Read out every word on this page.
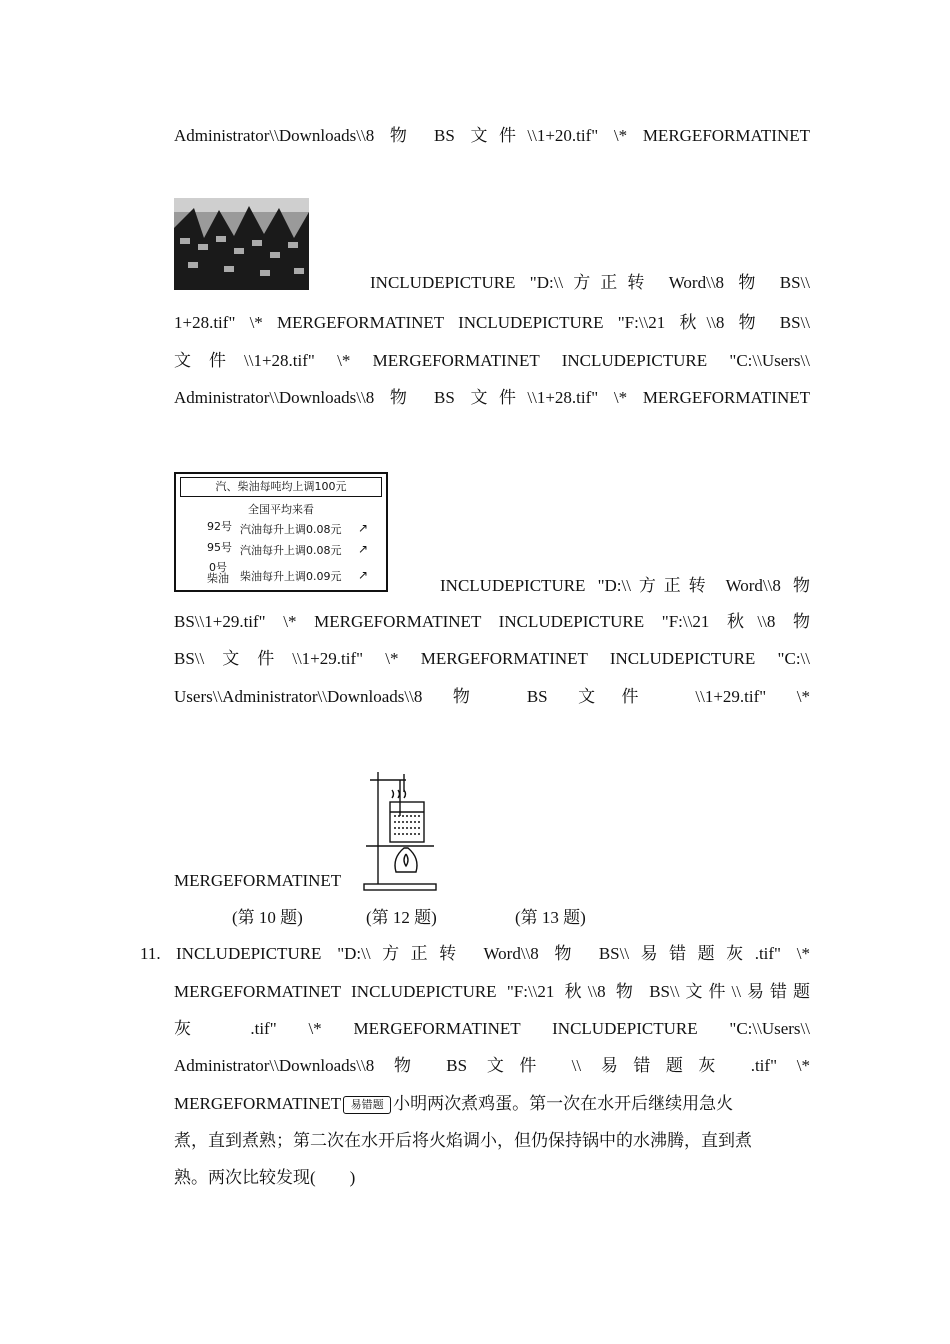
Administrator\\Downloads\\8 物 BS 文件\\1+20.tif" \* MERGEFORMATINET
INCLUDEPICTURE "D:\\方正转 Word\\8 物 BS\\
1+28.tif" \* MERGEFORMATINET INCLUDEPICTURE "F:\\21 秋\\8 物 BS\\
文件\\1+28.tif" \* MERGEFORMATINET INCLUDEPICTURE "C:\\Users\\
Administrator\\Downloads\\8 物 BS 文件\\1+28.tif" \* MERGEFORMATINET
汽、柴油每吨均上调100元
全国平均来看
92号 汽油每升上调0.08元 ↗
95号 汽油每升上调0.08元 ↗
0号 柴油 柴油每升上调0.09元 ↗
INCLUDEPICTURE "D:\\方正转 Word\\8 物
BS\\1+29.tif" \* MERGEFORMATINET INCLUDEPICTURE "F:\\21 秋\\8 物
BS\\文件\\1+29.tif" \* MERGEFORMATINET INCLUDEPICTURE "C:\\
Users\\Administrator\\Downloads\\8 物 BS 文件 \\1+29.tif" \*
MERGEFORMATINET
(第 10 题)	(第 12 题)	(第 13 题)
11. INCLUDEPICTURE "D:\\方正转 Word\\8 物 BS\\易错题灰.tif" \*
MERGEFORMATINET INCLUDEPICTURE "F:\\21 秋\\8 物 BS\\文件\\易错题
灰 .tif" \* MERGEFORMATINET INCLUDEPICTURE "C:\\Users\\
Administrator\\Downloads\\8 物 BS 文件 \\ 易错题灰 .tif" \*
MERGEFORMATINET 易错题 小明两次煮鸡蛋。第一次在水开后继续用急火
煮，直到煮熟；第二次在水开后将火焰调小，但仍保持锅中的水沸腾，直到煮
熟。两次比较发现(　　)
